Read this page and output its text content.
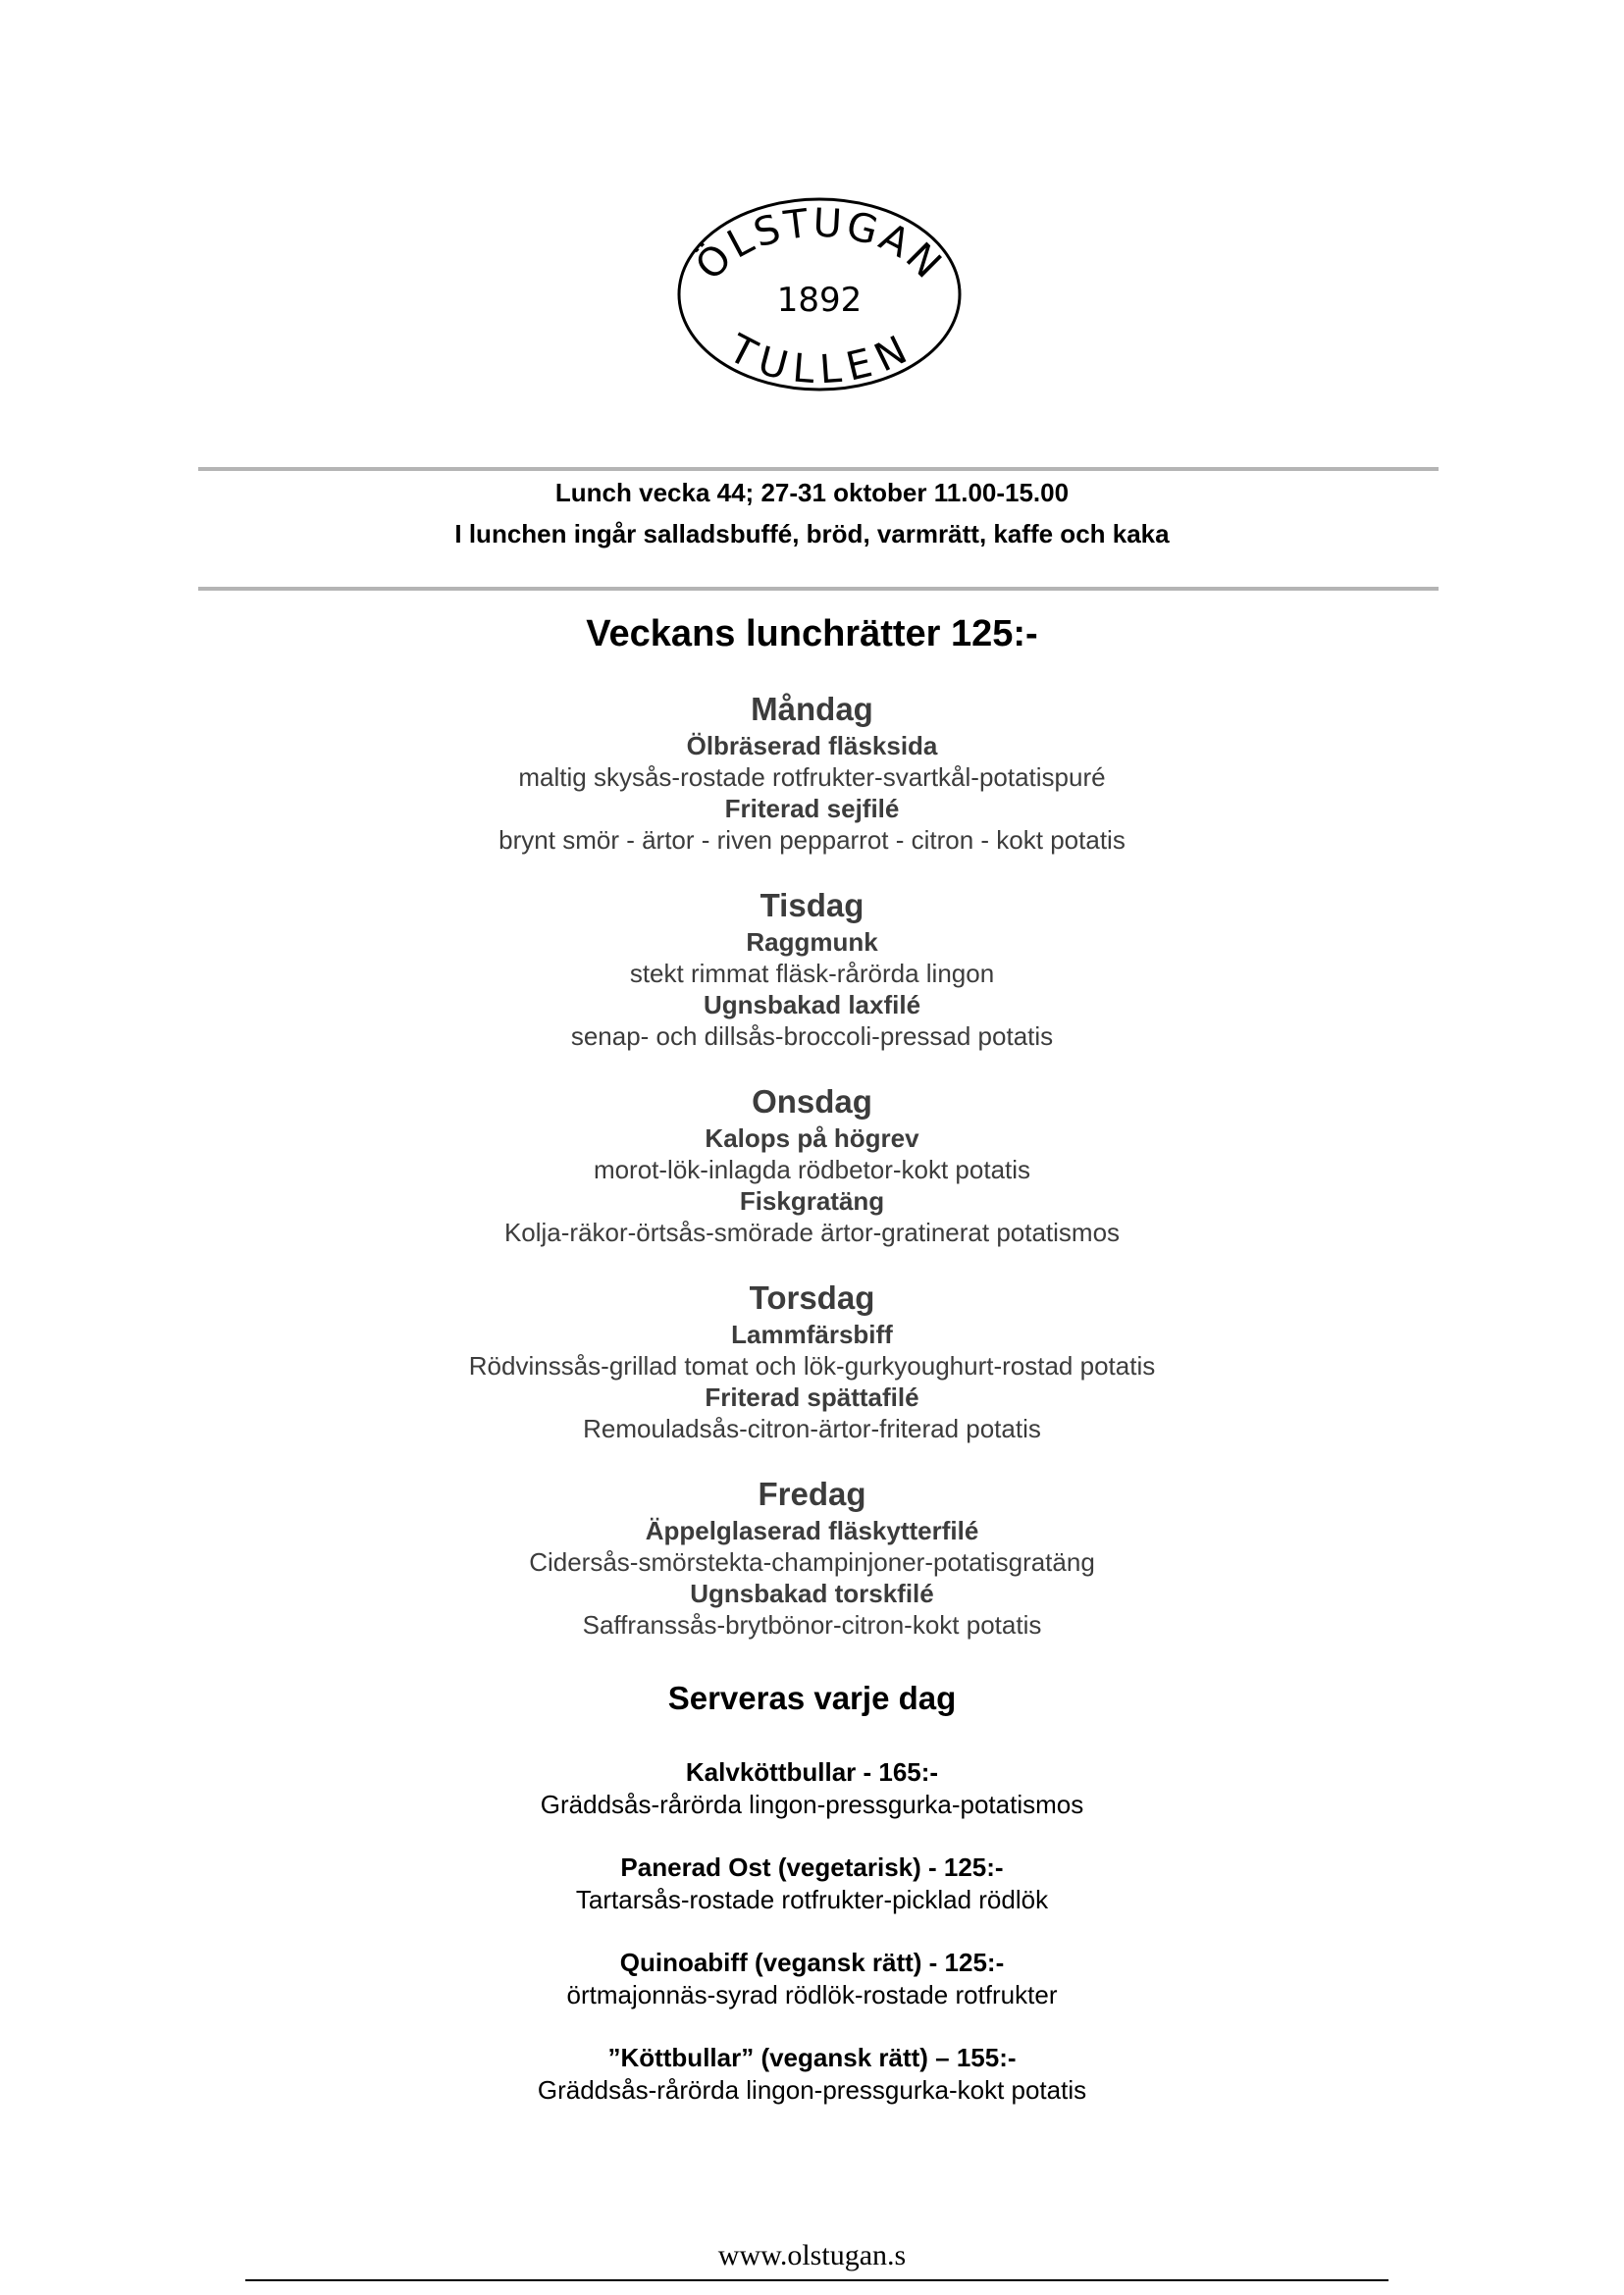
ÖLSTUGAN
1892
TULLEN
Lunch vecka 44; 27-31 oktober 11.00-15.00
I lunchen ingår salladsbuffé, bröd, varmrätt, kaffe och kaka
Veckans lunchrätter 125:-
Måndag
Ölbräserad fläsksida
maltig skysås-rostade rotfrukter-svartkål-potatispuré
Friterad sejfilé
brynt smör - ärtor - riven pepparrot - citron - kokt potatis
Tisdag
Raggmunk
stekt rimmat fläsk-rårörda lingon
Ugnsbakad laxfilé
senap- och dillsås-broccoli-pressad potatis
Onsdag
Kalops på högrev
morot-lök-inlagda rödbetor-kokt potatis
Fiskgratäng
Kolja-räkor-örtsås-smörade ärtor-gratinerat potatismos
Torsdag
Lammfärsbiff
Rödvinssås-grillad tomat och lök-gurkyoughurt-rostad potatis
Friterad spättafilé
Remouladsås-citron-ärtor-friterad potatis
Fredag
Äppelglaserad fläskytterfilé
Cidersås-smörstekta-champinjoner-potatisgratäng
Ugnsbakad torskfilé
Saffranssås-brytbönor-citron-kokt potatis
Serveras varje dag
Kalvköttbullar - 165:-
Gräddsås-rårörda lingon-pressgurka-potatismos
Panerad Ost (vegetarisk) - 125:-
Tartarsås-rostade rotfrukter-picklad rödlök
Quinoabiff (vegansk rätt) - 125:-
örtmajonnäs-syrad rödlök-rostade rotfrukter
”Köttbullar” (vegansk rätt) – 155:-
Gräddsås-rårörda lingon-pressgurka-kokt potatis
www.olstugan.s
